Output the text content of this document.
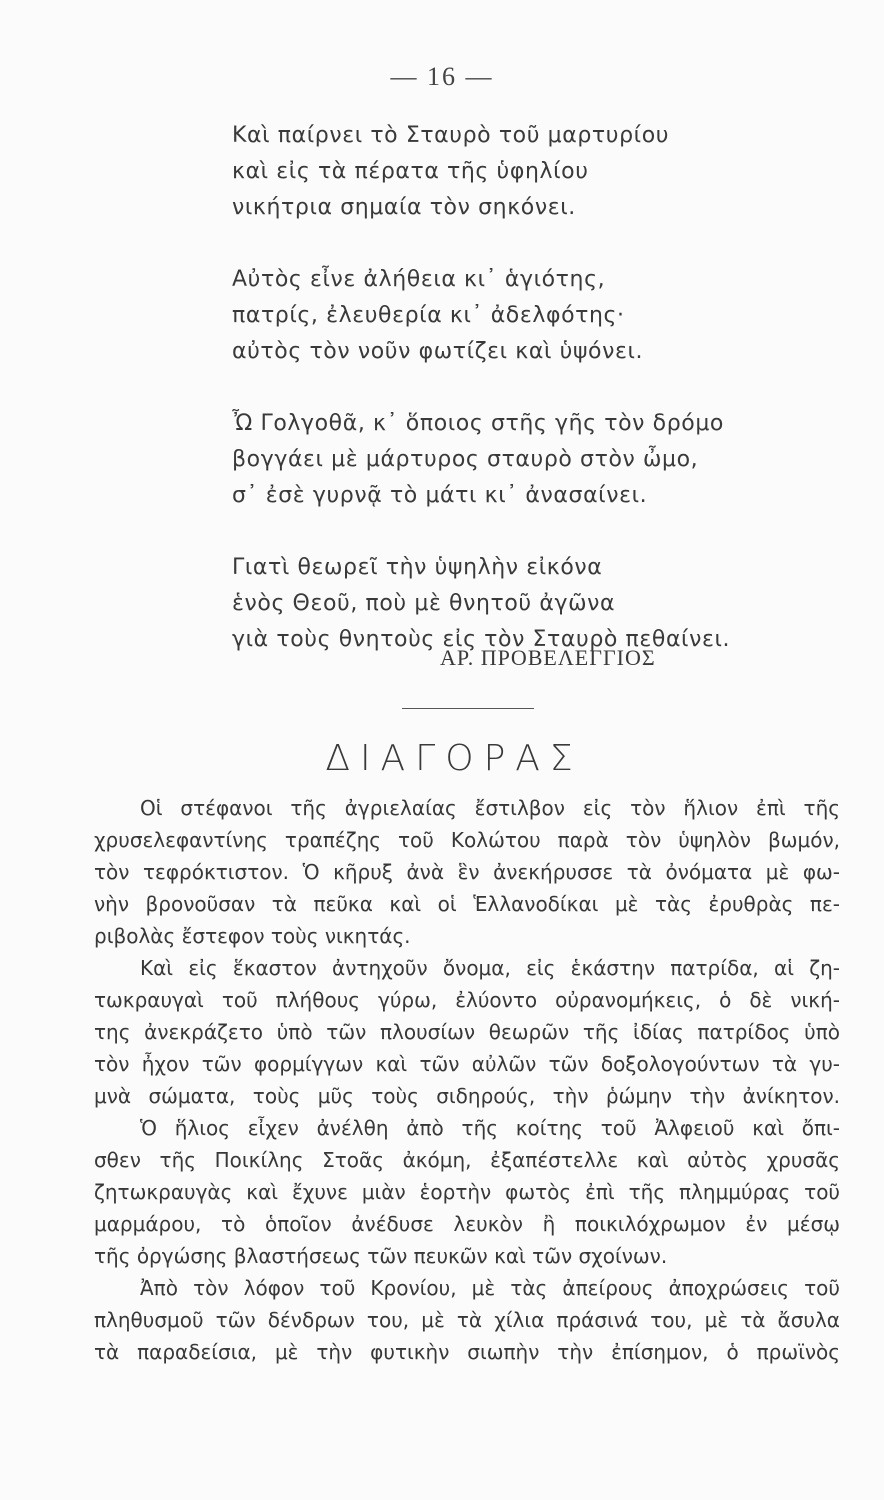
— 16 —
Καὶ παίρνει τὸ Σταυρὸ τοῦ μαρτυρίου
καὶ εἰς τὰ πέρατα τῆς ὑφηλίου
νικήτρια σημαία τὸν σηκόνει.
Αὐτὸς εἶνε ἀλήθεια κι᾽ ἁγιότης,
πατρίς, ἐλευθερία κι᾽ ἀδελφότης·
αὐτὸς τὸν νοῦν φωτίζει καὶ ὑψόνει.
Ὦ Γολγοθᾶ, κ᾽ ὅποιος στῆς γῆς τὸν δρόμο
βογγάει μὲ μάρτυρος σταυρὸ στὸν ὦμο,
σ᾽ ἐσὲ γυρνᾷ τὸ μάτι κι᾽ ἀνασαίνει.
Γιατὶ θεωρεῖ τὴν ὑψηλὴν εἰκόνα
ἑνὸς Θεοῦ, ποὺ μὲ θνητοῦ ἀγῶνα
γιὰ τοὺς θνητοὺς εἰς τὸν Σταυρὸ πεθαίνει.
ΑΡ. ΠΡΟΒΕΛΕΓΓΙΟΣ
ΔΙΑΓΟΡΑΣ
Οἱ στέφανοι τῆς ἀγριελαίας ἔστιλβον εἰς τὸν ἥλιον ἐπὶ τῆς
χρυσελεφαντίνης τραπέζης τοῦ Κολώτου παρὰ τὸν ὑψηλὸν βωμόν,
τὸν τεφρόκτιστον. Ὁ κῆρυξ ἀνὰ ἓν ἀνεκήρυσσε τὰ ὀνόματα μὲ φω-
νὴν βρονοῦσαν τὰ πεῦκα καὶ οἱ Ἑλλανοδίκαι μὲ τὰς ἐρυθρὰς πε-
ριβολὰς ἔστεφον τοὺς νικητάς.
Καὶ εἰς ἕκαστον ἀντηχοῦν ὄνομα, εἰς ἑκάστην πατρίδα, αἱ ζη-
τωκραυγαὶ τοῦ πλήθους γύρω, ἐλύοντο οὐρανομήκεις, ὁ δὲ νική-
της ἀνεκράζετο ὑπὸ τῶν πλουσίων θεωρῶν τῆς ἰδίας πατρίδος ὑπὸ
τὸν ἦχον τῶν φορμίγγων καὶ τῶν αὐλῶν τῶν δοξολογούντων τὰ γυ-
μνὰ σώματα, τοὺς μῦς τοὺς σιδηρούς, τὴν ῥώμην τὴν ἀνίκητον.
Ὁ ἥλιος εἶχεν ἀνέλθη ἀπὸ τῆς κοίτης τοῦ Ἀλφειοῦ καὶ ὄπι-
σθεν τῆς Ποικίλης Στοᾶς ἀκόμη, ἐξαπέστελλε καὶ αὐτὸς χρυσᾶς
ζητωκραυγὰς καὶ ἔχυνε μιὰν ἑορτὴν φωτὸς ἐπὶ τῆς πλημμύρας τοῦ
μαρμάρου, τὸ ὁποῖον ἀνέδυσε λευκὸν ἢ ποικιλόχρωμον ἐν μέσῳ
τῆς ὀργώσης βλαστήσεως τῶν πευκῶν καὶ τῶν σχοίνων.
Ἀπὸ τὸν λόφον τοῦ Κρονίου, μὲ τὰς ἀπείρους ἀποχρώσεις τοῦ
πληθυσμοῦ τῶν δένδρων του, μὲ τὰ χίλια πράσινά του, μὲ τὰ ἄσυλα
τὰ παραδείσια, μὲ τὴν φυτικὴν σιωπὴν τὴν ἐπίσημον, ὁ πρωϊνὸς
